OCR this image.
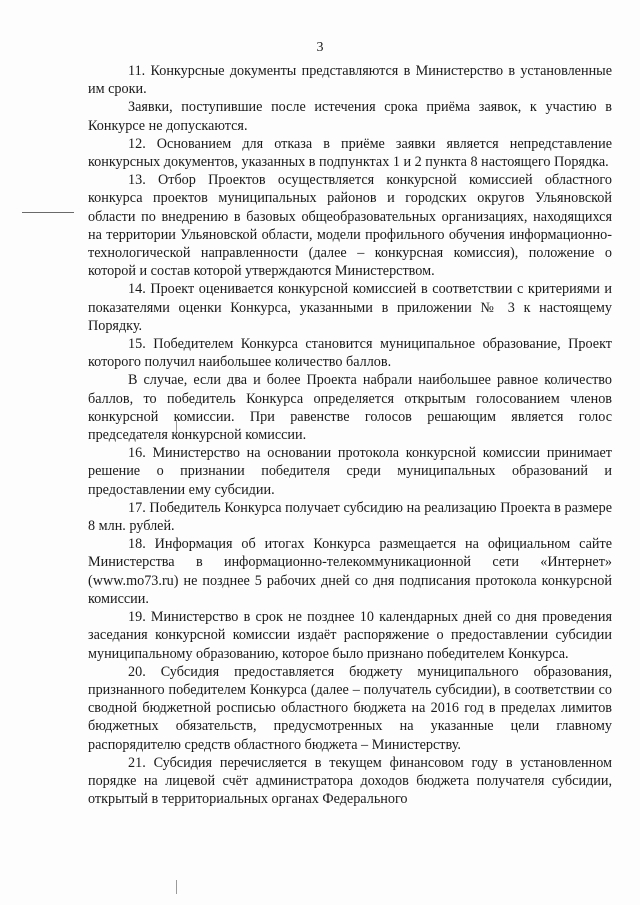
3

11. Конкурсные документы представляются в Министерство в установленные им сроки.

Заявки, поступившие после истечения срока приёма заявок, к участию в Конкурсе не допускаются.

12. Основанием для отказа в приёме заявки является непредставление конкурсных документов, указанных в подпунктах 1 и 2 пункта 8 настоящего Порядка.

13. Отбор Проектов осуществляется конкурсной комиссией областного конкурса проектов муниципальных районов и городских округов Ульяновской области по внедрению в базовых общеобразовательных организациях, находящихся на территории Ульяновской области, модели профильного обучения информационно-технологической направленности (далее – конкурсная комиссия), положение о которой и состав которой утверждаются Министерством.

14. Проект оценивается конкурсной комиссией в соответствии с критериями и показателями оценки Конкурса, указанными в приложении № 3 к настоящему Порядку.

15. Победителем Конкурса становится муниципальное образование, Проект которого получил наибольшее количество баллов.

В случае, если два и более Проекта набрали наибольшее равное количество баллов, то победитель Конкурса определяется открытым голосованием членов конкурсной комиссии. При равенстве голосов решающим является голос председателя конкурсной комиссии.

16. Министерство на основании протокола конкурсной комиссии принимает решение о признании победителя среди муниципальных образований и предоставлении ему субсидии.

17. Победитель Конкурса получает субсидию на реализацию Проекта в размере 8 млн. рублей.

18. Информация об итогах Конкурса размещается на официальном сайте Министерства в информационно-телекоммуникационной сети «Интернет» (www.mo73.ru) не позднее 5 рабочих дней со дня подписания протокола конкурсной комиссии.

19. Министерство в срок не позднее 10 календарных дней со дня проведения заседания конкурсной комиссии издаёт распоряжение о предоставлении субсидии муниципальному образованию, которое было признано победителем Конкурса.

20. Субсидия предоставляется бюджету муниципального образования, признанного победителем Конкурса (далее – получатель субсидии), в соответствии со сводной бюджетной росписью областного бюджета на 2016 год в пределах лимитов бюджетных обязательств, предусмотренных на указанные цели главному распорядителю средств областного бюджета – Министерству.

21. Субсидия перечисляется в текущем финансовом году в установленном порядке на лицевой счёт администратора доходов бюджета получателя субсидии, открытый в территориальных органах Федерального
